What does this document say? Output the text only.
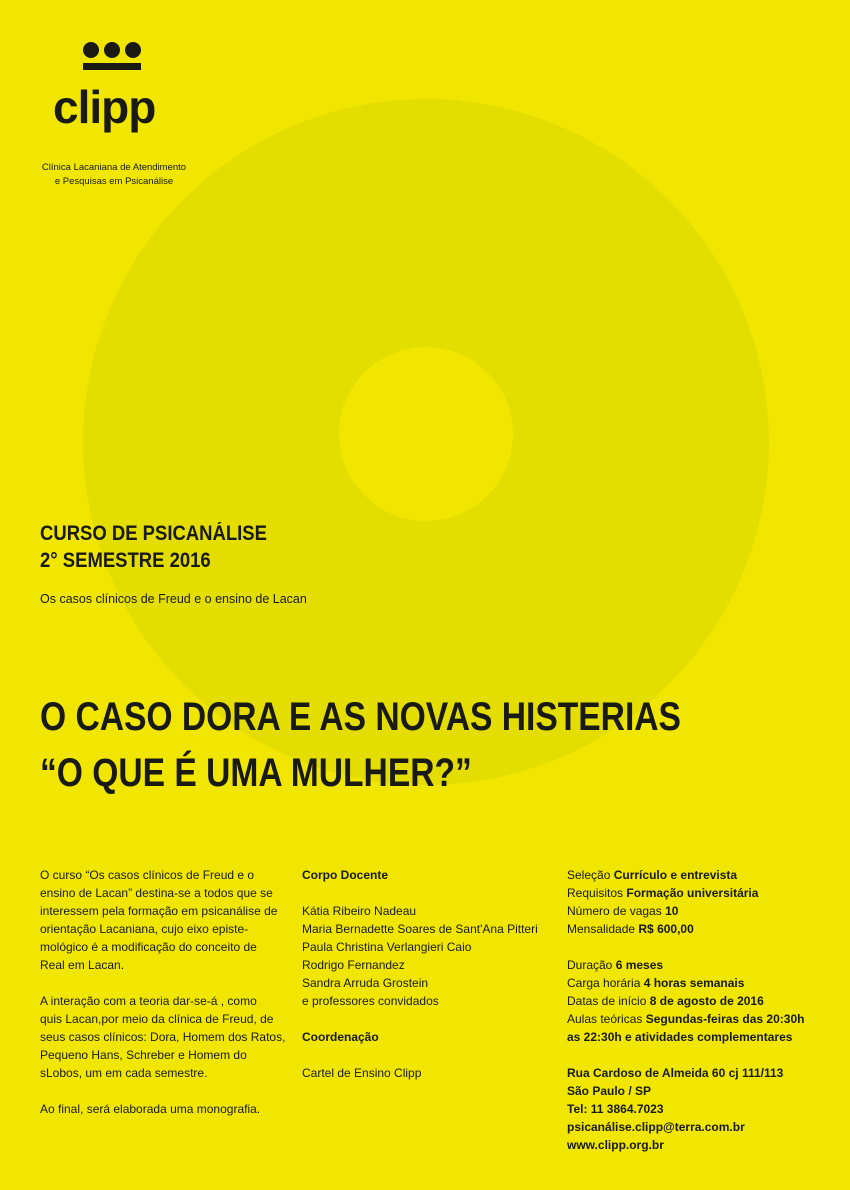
clipp
Clínica Lacaniana de Atendimento
e Pesquisas em Psicanálise
CURSO DE PSICANÁLISE
2° SEMESTRE 2016
Os casos clínicos de Freud e o ensino de Lacan
O CASO DORA E AS NOVAS HISTERIAS
“O QUE É UMA MULHER?”

O curso “Os casos clínicos de Freud e o

ensino de Lacan” destina-se a todos que se

interessem pela formação em psicanálise de

orientação Lacaniana, cujo eixo episte-

mológico é a modificação do conceito de

Real em Lacan.

A interação com a teoria dar-se-á , como

quis Lacan,por meio da clínica de Freud, de

seus casos clínicos: Dora, Homem dos Ratos,

Pequeno Hans, Schreber e Homem do

sLobos, um em cada semestre.

Ao final, será elaborada uma monografia.

Corpo Docente

Kátia Ribeiro Nadeau

Maria Bernadette Soares de Sant'Ana Pitteri

Paula Christina Verlangieri Caio

Rodrigo Fernandez

Sandra Arruda Grostein

e professores convidados

Coordenação

Cartel de Ensino Clipp

Seleção Currículo e entrevista

Requisitos Formação universitária

Número de vagas 10

Mensalidade R$ 600,00

Duração 6 meses

Carga horária 4 horas semanais

Datas de início 8 de agosto de 2016

Aulas teóricas Segundas-feiras das 20:30h

as 22:30h e atividades complementares

Rua Cardoso de Almeida 60 cj 111/113

São Paulo / SP

Tel: 11 3864.7023

psicanálise.clipp@terra.com.br

www.clipp.org.br
